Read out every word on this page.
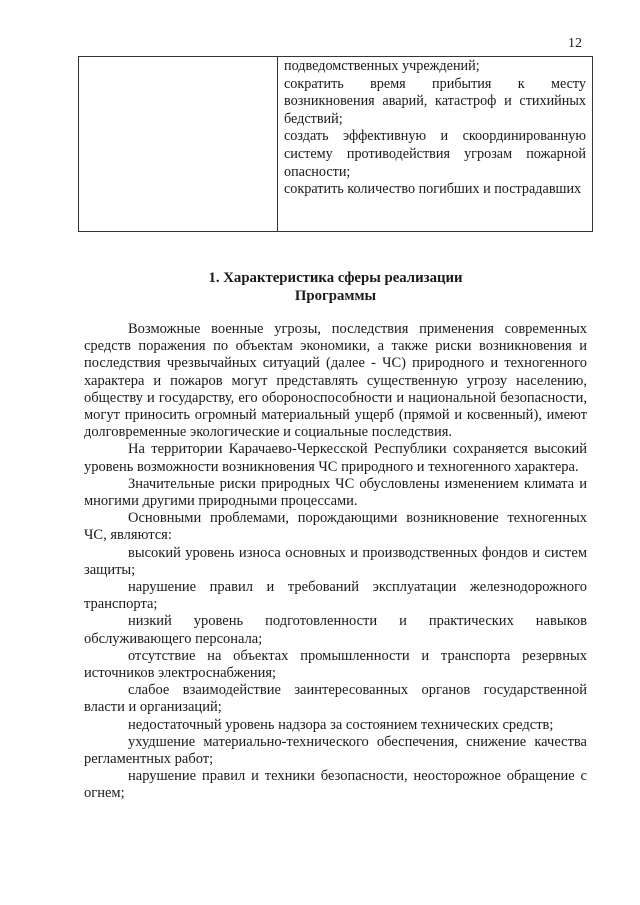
12

подведомственных учреждений;

сократить время прибытия к месту возникновения аварий, катастроф и стихийных бедствий;

создать эффективную и скоординированную систему противодействия угрозам пожарной опасности;

сократить количество погибших и пострадавших

1. Характеристика сферы реализации
Программы

Возможные военные угрозы, последствия применения современных средств поражения по объектам экономики, а также риски возникновения и последствия чрезвычайных ситуаций (далее - ЧС) природного и техногенного характера и пожаров могут представлять существенную угрозу населению, обществу и государству, его обороноспособности и национальной безопасности, могут приносить огромный материальный ущерб (прямой и косвенный), имеют долговременные экологические и социальные последствия.

На территории Карачаево-Черкесской Республики сохраняется высокий уровень возможности возникновения ЧС природного и техногенного характера.

Значительные риски природных ЧС обусловлены изменением климата и многими другими природными процессами.

Основными проблемами, порождающими возникновение техногенных ЧС, являются:

высокий уровень износа основных и производственных фондов и систем защиты;

нарушение правил и требований эксплуатации железнодорожного транспорта;

низкий уровень подготовленности и практических навыков обслуживающего персонала;

отсутствие на объектах промышленности и транспорта резервных источников электроснабжения;

слабое взаимодействие заинтересованных органов государственной власти и организаций;

недостаточный уровень надзора за состоянием технических средств;

ухудшение материально-технического обеспечения, снижение качества регламентных работ;

нарушение правил и техники безопасности, неосторожное обращение с огнем;
